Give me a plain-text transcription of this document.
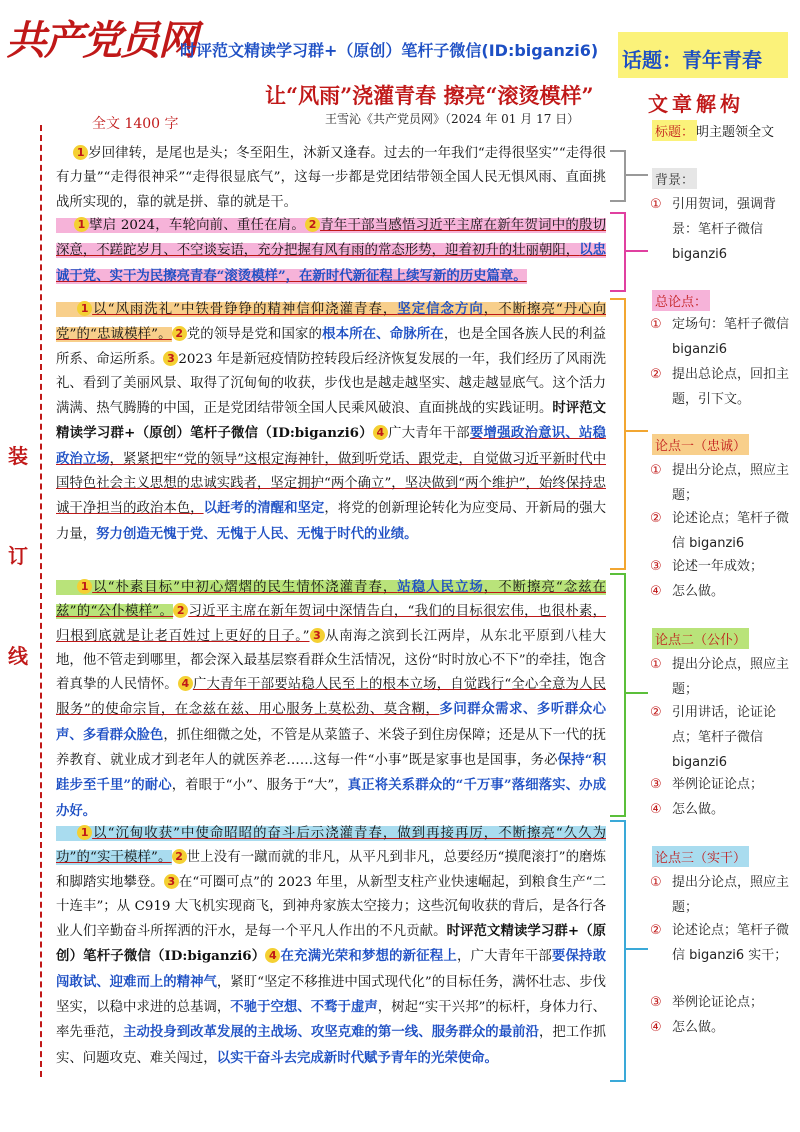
共产党员网
时评范文精读学习群+（原创）笔杆子微信(ID:biganzi6) 话题：青年青春
让“风雨”浇灌青春 擦亮“滚烫模样”
王雪沁《共产党员网》（2024 年 01 月 17 日）
全文 1400 字
装
订
线
1 岁回律转，是尾也是头；冬至阳生，沐新又逢春。过去的一年我们“走得很坚实”“走得很有力量”“走得很神采”“走得很显底气”，这每一步都是党团结带领全国人民无惧风雨、直面挑战所实现的，靠的就是拼、靠的就是干。
1 擘启 2024，车轮向前、重任在肩。 2 青年干部当感悟习近平主席在新年贺词中的殷切深意，不蹉跎岁月、不空谈妄语，充分把握有风有雨的常态形势，迎着初升的壮丽朝阳，以忠诚于党、实干为民擦亮青春“滚烫模样”，在新时代新征程上续写新的历史篇章。
1 以“风雨洗礼”中铁骨铮铮的精神信仰浇灌青春，坚定信念方向，不断擦亮“丹心向党”的“忠诚模样”。 2 党的领导是党和国家的根本所在、命脉所在，也是全国各族人民的利益所系、命运所系。 3 2023 年是新冠疫情防控转段后经济恢复发展的一年，我们经历了风雨洗礼、看到了美丽风景、取得了沉甸甸的收获，步伐也是越走越坚实、越走越显底气。这个活力满满、热气腾腾的中国，正是党团结带领全国人民乘风破浪、直面挑战的实践证明。时评范文精读学习群+（原创）笔杆子微信（ID:biganzi6） 4 广大青年干部要增强政治意识、站稳政治立场，紧紧把牢“党的领导”这根定海神针，做到听党话、跟党走，自觉做习近平新时代中国特色社会主义思想的忠诚实践者，坚定拥护“两个确立”，坚决做到“两个维护”，始终保持忠诚干净担当的政治本色，以赶考的清醒和坚定，将党的创新理论转化为应变局、开新局的强大力量，努力创造无愧于党、无愧于人民、无愧于时代的业绩。
1 以“朴素目标”中初心熠熠的民生情怀浇灌青春，站稳人民立场，不断擦亮“念兹在兹”的“公仆模样”。 2 习近平主席在新年贺词中深情告白，“我们的目标很宏伟，也很朴素，归根到底就是让老百姓过上更好的日子。” 3 从南海之滨到长江两岸，从东北平原到八桂大地，他不管走到哪里，都会深入最基层察看群众生活情况，这份“时时放心不下”的牵挂，饱含着真挚的人民情怀。 4 广大青年干部要站稳人民至上的根本立场，自觉践行“全心全意为人民服务”的使命宗旨，在念兹在兹、用心服务上莫松劲、莫含糊，多问群众需求、多听群众心声、多看群众脸色，抓住细微之处，不管是从菜篮子、米袋子到住房保障；还是从下一代的抚养教育、就业成才到老年人的就医养老……这每一件“小事”既是家事也是国事，务必保持“积跬步至千里”的耐心，着眼于“小”、服务于“大”，真正将关系群众的“千万事”落细落实、办成办好。
1 以“沉甸收获”中使命昭昭的奋斗后示浇灌青春，做到再接再厉，不断擦亮“久久为功”的“实干模样”。 2 世上没有一蹴而就的非凡，从平凡到非凡，总要经历“摸爬滚打”的磨炼和脚踏实地攀登。 3 在“可圈可点”的 2023 年里，从新型支柱产业快速崛起，到粮食生产“二十连丰”；从 C919 大飞机实现商飞，到神舟家族太空接力；这些沉甸收获的背后，是各行各业人们辛勤奋斗所挥洒的汗水，是每一个平凡人作出的不凡贡献。时评范文精读学习群+（原创）笔杆子微信（ID:biganzi6） 4 在充满光荣和梦想的新征程上，广大青年干部要保持敢闯敢试、迎难而上的精神气，紧盯“坚定不移推进中国式现代化”的目标任务，满怀壮志、步伐坚实，以稳中求进的总基调，不驰于空想、不骛于虚声，树起“实干兴邦”的标杆，身体力行、率先垂范，主动投身到改革发展的主战场、攻坚克难的第一线、服务群众的最前沿，把工作抓实、问题攻克、难关闯过，以实干奋斗去完成新时代赋予青年的光荣使命。
文章解构
标题： 明主题领全文
背景：
① 引用贺词，强调背景：笔杆子微信 biganzi6
总论点：
① 定场句：笔杆子微信 biganzi6
② 提出总论点，回扣主题，引下文。
论点一（忠诚）
① 提出分论点，照应主题；
② 论述论点；笔杆子微信 biganzi6
③ 论述一年成效；
④ 怎么做。
论点二（公仆）
① 提出分论点，照应主题；
② 引用讲话，论证论点；笔杆子微信 biganzi6
③ 举例论证论点；
④ 怎么做。
论点三（实干）
① 提出分论点，照应主题；
② 论述论点；笔杆子微信 biganzi6 实干；
③ 举例论证论点；
④ 怎么做。
